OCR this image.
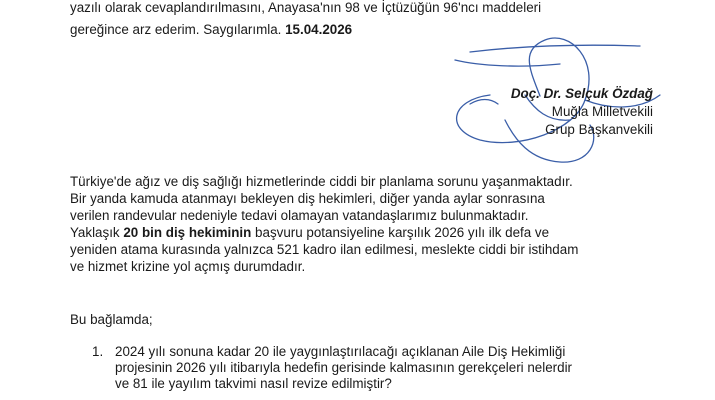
yazılı olarak cevaplandırılmasını, Anayasa'nın 98 ve İçtüzüğün 96'ncı maddeleri
gereğince arz ederim. Saygılarımla. 15.04.2026
Doç. Dr. Selçuk Özdağ
Muğla Milletvekili
Grup Başkanvekili
Türkiye'de ağız ve diş sağlığı hizmetlerinde ciddi bir planlama sorunu yaşanmaktadır.
Bir yanda kamuda atanmayı bekleyen diş hekimleri, diğer yanda aylar sonrasına
verilen randevular nedeniyle tedavi olamayan vatandaşlarımız bulunmaktadır.
Yaklaşık 20 bin diş hekiminin başvuru potansiyeline karşılık 2026 yılı ilk defa ve
yeniden atama kurasında yalnızca 521 kadro ilan edilmesi, meslekte ciddi bir istihdam
ve hizmet krizine yol açmış durumdadır.
Bu bağlamda;
1. 2024 yılı sonuna kadar 20 ile yaygınlaştırılacağı açıklanan Aile Diş Hekimliği
projesinin 2026 yılı itibarıyla hedefin gerisinde kalmasının gerekçeleri nelerdir
ve 81 ile yayılım takvimi nasıl revize edilmiştir?
